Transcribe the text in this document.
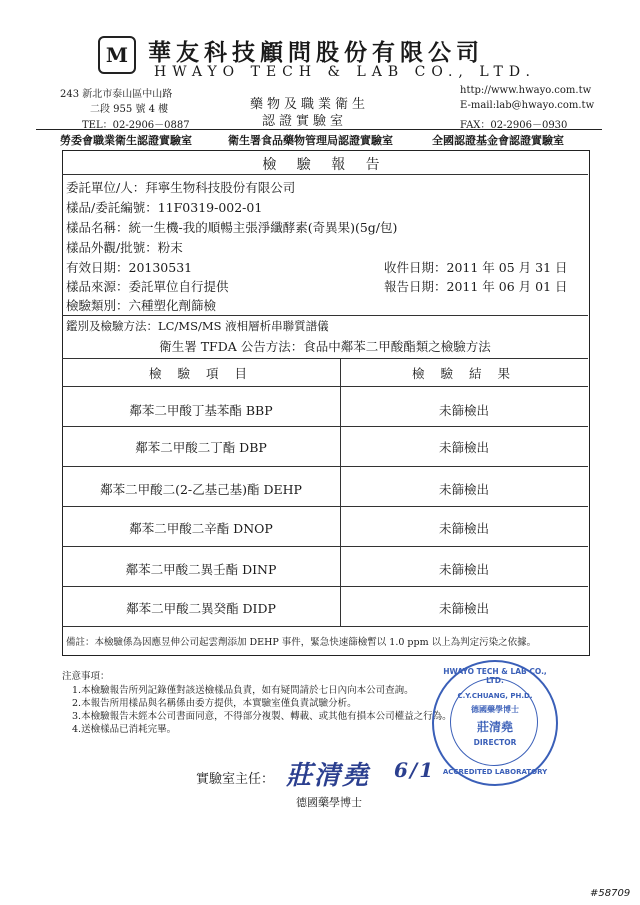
M 華友科技顧問股份有限公司
HWAYO TECH & LAB CO., LTD.
243 新北市泰山區中山路
二段 955 號 4 樓
TEL：02-2906－0887
藥物及職業衛生
認證實驗室
http://www.hwayo.com.tw
E-mail:lab@hwayo.com.tw
FAX：02-2906－0930
勞委會職業衛生認證實驗室	衛生署食品藥物管理局認證實驗室	全國認證基金會認證實驗室
檢 驗 報 告
委託單位/人：拜寧生物科技股份有限公司
樣品/委託編號：11F0319-002-01
樣品名稱：統一生機-我的順暢主張淨纖酵素(奇異果)(5g/包)
樣品外觀/批號：粉末
有效日期：20130531	收件日期：2011 年 05 月 31 日
樣品來源：委託單位自行提供	報告日期：2011 年 06 月 01 日
檢驗類別：六種塑化劑篩檢
鑑別及檢驗方法：LC/MS/MS 液相層析串聯質譜儀
衛生署 TFDA 公告方法：食品中鄰苯二甲酸酯類之檢驗方法
檢 驗 項 目	檢 驗 結 果
鄰苯二甲酸丁基苯酯 BBP	未篩檢出
鄰苯二甲酸二丁酯 DBP	未篩檢出
鄰苯二甲酸二(2-乙基己基)酯 DEHP	未篩檢出
鄰苯二甲酸二辛酯 DNOP	未篩檢出
鄰苯二甲酸二異壬酯 DINP	未篩檢出
鄰苯二甲酸二異癸酯 DIDP	未篩檢出
備註：本檢驗係為因應昱伸公司起雲劑添加 DEHP 事件，緊急快速篩檢暫以 1.0 ppm 以上為判定污染之依據。
注意事項：
1.本檢驗報告所列記錄僅對該送檢樣品負責，如有疑問請於七日內向本公司查詢。
2.本報告所用樣品與名稱係由委方提供，本實驗室僅負責試驗分析。
3.本檢驗報告未經本公司書面同意，不得部分複製、轉載、或其他有損本公司權益之行為。
4.送檢樣品已消耗完畢。
HWAYO TECH & LAB CO., LTD.
C.Y.CHUANG, PH.D.
德國藥學博士
莊清堯
DIRECTOR
ACCREDITED LABORATORY
實驗室主任： 莊清堯 6/1
德國藥學博士
#58709
